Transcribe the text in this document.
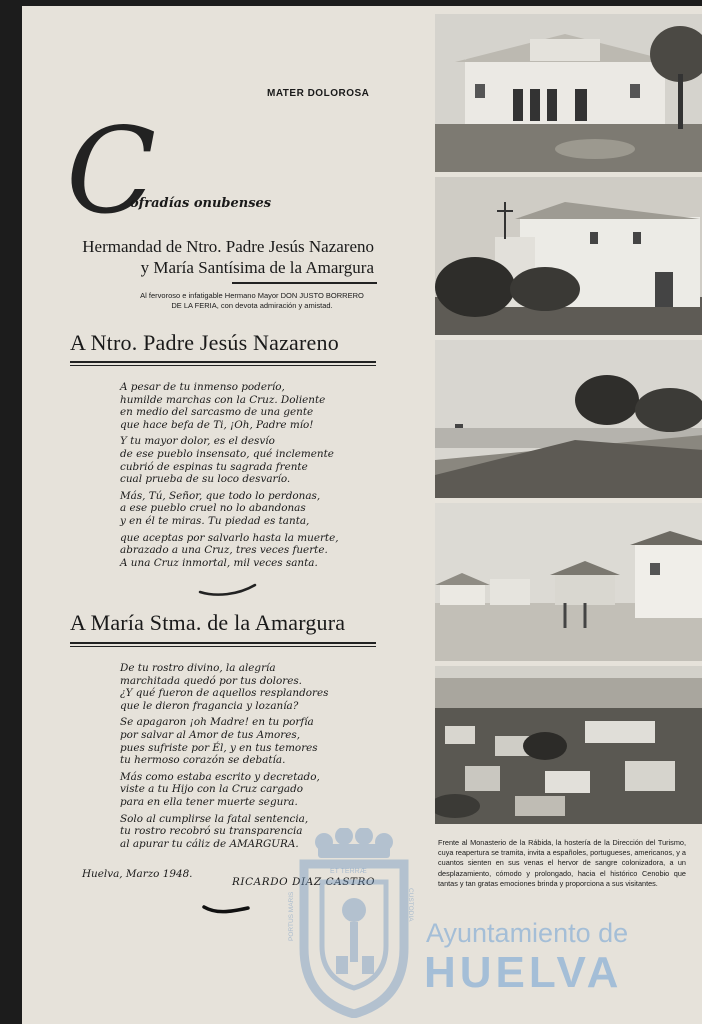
MATER DOLOROSA
C
ofradías onubenses
Hermandad de Ntro. Padre Jesús Nazareno
y María Santísima de la Amargura
Al fervoroso e infatigable Hermano Mayor DON JUSTO BORRERO
DE LA FERIA, con devota admiración y amistad.
A Ntro. Padre Jesús Nazareno
A pesar de tu inmenso poderío,
humilde marchas con la Cruz. Doliente
en medio del sarcasmo de una gente
que hace befa de Ti, ¡Oh, Padre mío!
Y tu mayor dolor, es el desvío
de ese pueblo insensato, qué inclemente
cubrió de espinas tu sagrada frente
cual prueba de su loco desvarío.
Más, Tú, Señor, que todo lo perdonas,
a ese pueblo cruel no lo abandonas
y en él te miras. Tu piedad es tanta,
que aceptas por salvarlo hasta la muerte,
abrazado a una Cruz, tres veces fuerte.
A una Cruz inmortal, mil veces santa.
A María Stma. de la Amargura
De tu rostro divino, la alegría
marchitada quedó por tus dolores.
¿Y qué fueron de aquellos resplandores
que le dieron fragancia y lozanía?
Se apagaron ¡oh Madre! en tu porfía
por salvar al Amor de tus Amores,
pues sufriste por Él, y en tus temores
tu hermoso corazón se debatía.
Más como estaba escrito y decretado,
viste a tu Hijo con la Cruz cargado
para en ella tener muerte segura.
Solo al cumplirse la fatal sentencia,
tu rostro recobró su transparencia
al apurar tu cáliz de AMARGURA.
Huelva, Marzo 1948.
RICARDO DIAZ CASTRO
Frente al Monasterio de la Rábida, la hostería de la Dirección del Turismo, cuya reapertura se tramita, invita a españoles, portugueses, americanos, y a cuantos sienten en sus venas el hervor de sangre colonizadora, a un desplazamiento, cómodo y prolongado, hacia el histórico Cenobio que tantas y tan gratas emociones brinda y proporciona a sus visitantes.
ET TERRÆ
PORTUS MARIS	CUSTODIA
Ayuntamiento de
HUELVA
